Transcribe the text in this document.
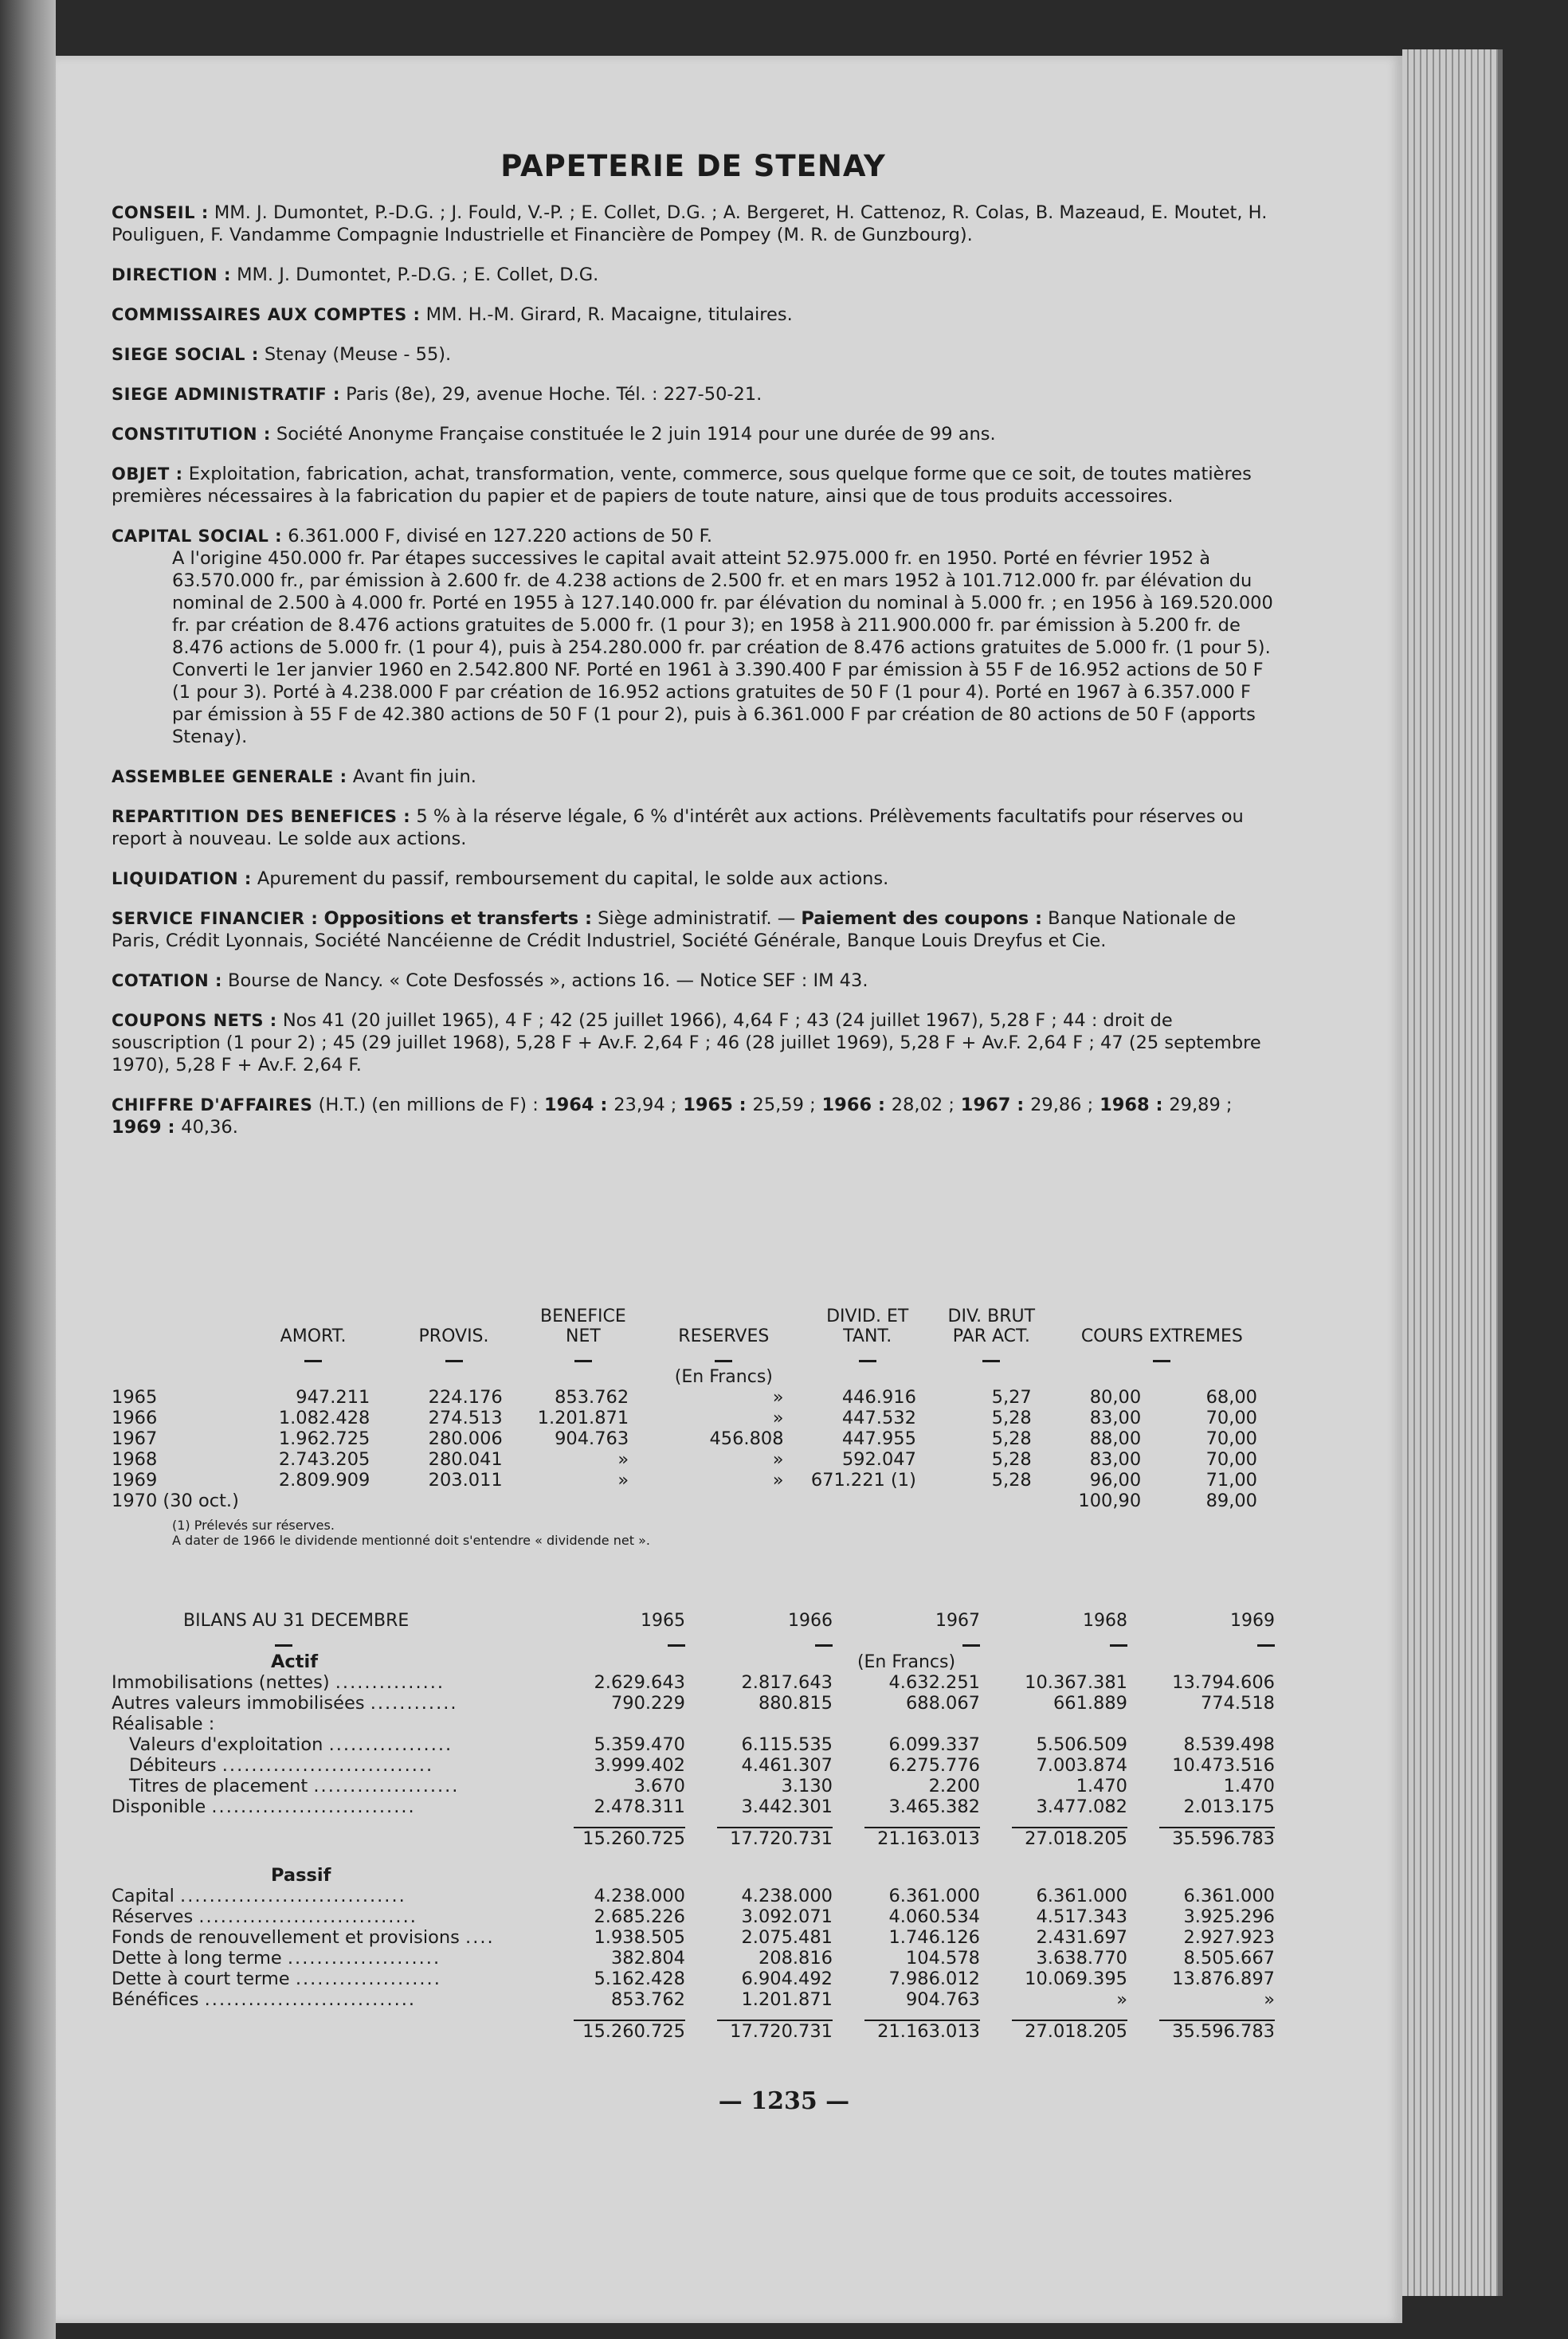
PAPETERIE DE STENAY

CONSEIL : MM. J. Dumontet, P.-D.G. ; J. Fould, V.-P. ; E. Collet, D.G. ; A. Bergeret, H. Cattenoz, R. Colas, B. Mazeaud, E. Moutet, H. Pouliguen, F. Vandamme Compagnie Industrielle et Financière de Pompey (M. R. de Gunzbourg).

DIRECTION : MM. J. Dumontet, P.-D.G. ; E. Collet, D.G.

COMMISSAIRES AUX COMPTES : MM. H.-M. Girard, R. Macaigne, titulaires.

SIEGE SOCIAL : Stenay (Meuse - 55).

SIEGE ADMINISTRATIF : Paris (8e), 29, avenue Hoche. Tél. : 227-50-21.

CONSTITUTION : Société Anonyme Française constituée le 2 juin 1914 pour une durée de 99 ans.

OBJET : Exploitation, fabrication, achat, transformation, vente, commerce, sous quelque forme que ce soit, de toutes matières premières nécessaires à la fabrication du papier et de papiers de toute nature, ainsi que de tous produits accessoires.

CAPITAL SOCIAL : 6.361.000 F, divisé en 127.220 actions de 50 F.

A l'origine 450.000 fr. Par étapes successives le capital avait atteint 52.975.000 fr. en 1950. Porté en février 1952 à 63.570.000 fr., par émission à 2.600 fr. de 4.238 actions de 2.500 fr. et en mars 1952 à 101.712.000 fr. par élévation du nominal de 2.500 à 4.000 fr. Porté en 1955 à 127.140.000 fr. par élévation du nominal à 5.000 fr. ; en 1956 à 169.520.000 fr. par création de 8.476 actions gratuites de 5.000 fr. (1 pour 3); en 1958 à 211.900.000 fr. par émission à 5.200 fr. de 8.476 actions de 5.000 fr. (1 pour 4), puis à 254.280.000 fr. par création de 8.476 actions gratuites de 5.000 fr. (1 pour 5).

Converti le 1er janvier 1960 en 2.542.800 NF. Porté en 1961 à 3.390.400 F par émission à 55 F de 16.952 actions de 50 F (1 pour 3). Porté à 4.238.000 F par création de 16.952 actions gratuites de 50 F (1 pour 4). Porté en 1967 à 6.357.000 F par émission à 55 F de 42.380 actions de 50 F (1 pour 2), puis à 6.361.000 F par création de 80 actions de 50 F (apports Stenay).

ASSEMBLEE GENERALE : Avant fin juin.

REPARTITION DES BENEFICES : 5 % à la réserve légale, 6 % d'intérêt aux actions. Prélèvements facultatifs pour réserves ou report à nouveau. Le solde aux actions.

LIQUIDATION : Apurement du passif, remboursement du capital, le solde aux actions.

SERVICE FINANCIER : Oppositions et transferts : Siège administratif. — Paiement des coupons : Banque Nationale de Paris, Crédit Lyonnais, Société Nancéienne de Crédit Industriel, Société Générale, Banque Louis Dreyfus et Cie.

COTATION : Bourse de Nancy. « Cote Desfossés », actions 16. — Notice SEF : IM 43.

COUPONS NETS : Nos 41 (20 juillet 1965), 4 F ; 42 (25 juillet 1966), 4,64 F ; 43 (24 juillet 1967), 5,28 F ; 44 : droit de souscription (1 pour 2) ; 45 (29 juillet 1968), 5,28 F + Av.F. 2,64 F ; 46 (28 juillet 1969), 5,28 F + Av.F. 2,64 F ; 47 (25 septembre 1970), 5,28 F + Av.F. 2,64 F.

CHIFFRE D'AFFAIRES (H.T.) (en millions de F) : 1964 : 23,94 ; 1965 : 25,59 ; 1966 : 28,02 ; 1967 : 29,86 ; 1968 : 29,89 ; 1969 : 40,36.

	AMORT.	PROVIS.	BENEFICE NET	RESERVES	DIVID. ET TANT.	DIV. BRUT PAR ACT.	COURS EXTREMES	

				(En Francs)				
1965	947.211	224.176	853.762	»	446.916	5,27	80,00	68,00
1966	1.082.428	274.513	1.201.871	»	447.532	5,28	83,00	70,00
1967	1.962.725	280.006	904.763	456.808	447.955	5,28	88,00	70,00
1968	2.743.205	280.041	»	»	592.047	5,28	83,00	70,00
1969	2.809.909	203.011	»	»	671.221 (1)	5,28	96,00	71,00
1970 (30 oct.)							100,90	89,00
(1) Prélevés sur réserves.
A dater de 1966 le dividende mentionné doit s'entendre « dividende net ».
BILANS AU 31 DECEMBRE	1965	1966	1967	1968	1969

Actif			(En Francs)		
Immobilisations (nettes) ...............	2.629.643	2.817.643	4.632.251	10.367.381	13.794.606
Autres valeurs immobilisées ............	790.229	880.815	688.067	661.889	774.518
Réalisable :					
Valeurs d'exploitation .................	5.359.470	6.115.535	6.099.337	5.506.509	8.539.498
Débiteurs .............................	3.999.402	4.461.307	6.275.776	7.003.874	10.473.516
Titres de placement ....................	3.670	3.130	2.200	1.470	1.470
Disponible ............................	2.478.311	3.442.301	3.465.382	3.477.082	2.013.175

	15.260.725	17.720.731	21.163.013	27.018.205	35.596.783
Passif					
Capital ...............................	4.238.000	4.238.000	6.361.000	6.361.000	6.361.000
Réserves ..............................	2.685.226	3.092.071	4.060.534	4.517.343	3.925.296
Fonds de renouvellement et provisions ....	1.938.505	2.075.481	1.746.126	2.431.697	2.927.923
Dette à long terme .....................	382.804	208.816	104.578	3.638.770	8.505.667
Dette à court terme ....................	5.162.428	6.904.492	7.986.012	10.069.395	13.876.897
Bénéfices .............................	853.762	1.201.871	904.763	»	»

	15.260.725	17.720.731	21.163.013	27.018.205	35.596.783
— 1235 —
